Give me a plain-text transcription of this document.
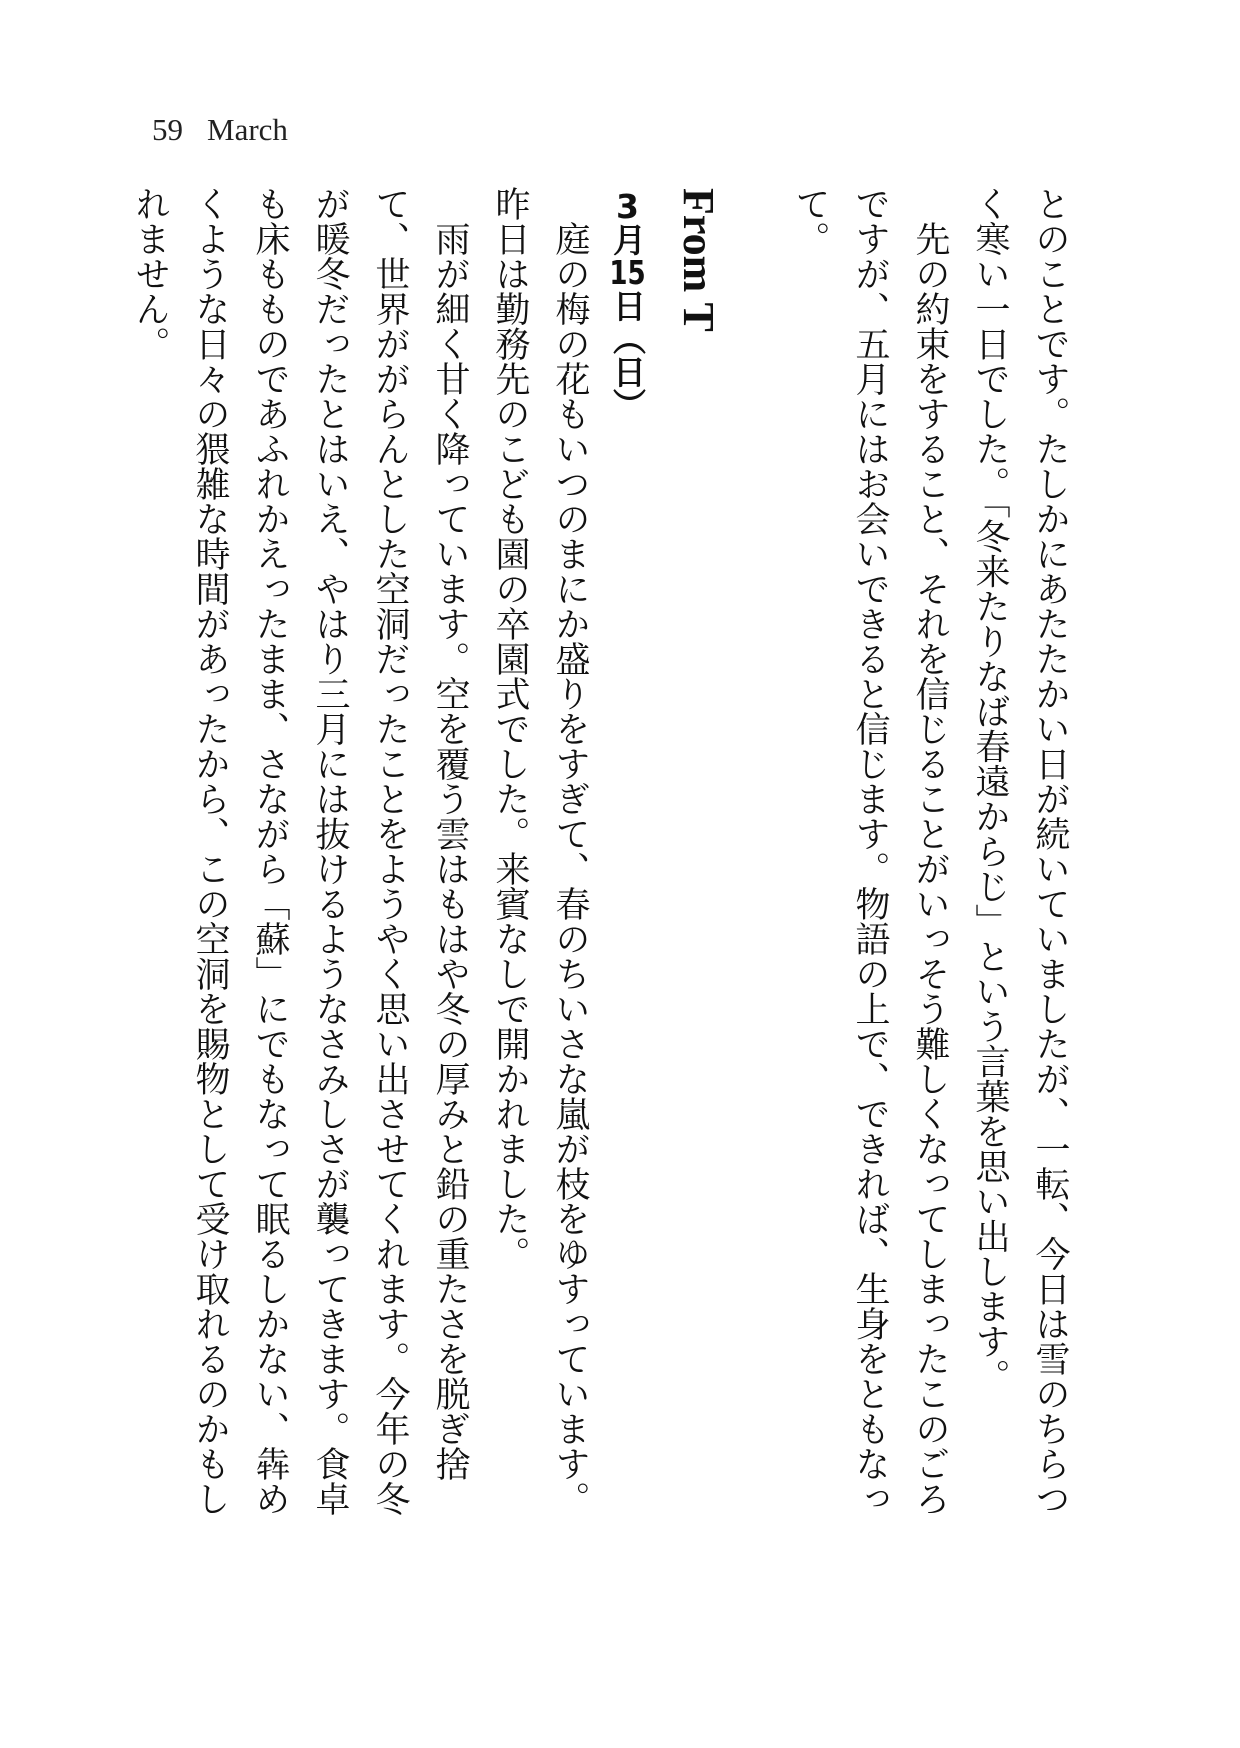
59 March

とのことです。たしかにあたたかい日が続いていましたが、一転、今日は雪のちらつく寒い一日でした。「冬来たりなば春遠からじ」という言葉を思い出します。

先の約束をすること、それを信じることがいっそう難しくなってしまったこのごろですが、五月にはお会いできると信じます。物語の上で、できれば、生身をともなって。

From T

3月15日（日）

庭の梅の花もいつのまにか盛りをすぎて、春のちいさな嵐が枝をゆすっています。昨日は勤務先のこども園の卒園式でした。来賓なしで開かれました。

雨が細く甘く降っています。空を覆う雲はもはや冬の厚みと鉛の重たさを脱ぎ捨て、世界ががらんとした空洞だったことをようやく思い出させてくれます。今年の冬が暖冬だったとはいえ、やはり三月には抜けるようなさみしさが襲ってきます。食卓も床もものであふれかえったまま、さながら「蘇」にでもなって眠るしかない、犇めくような日々の猥雑な時間があったから、この空洞を賜物として受け取れるのかもしれません。
